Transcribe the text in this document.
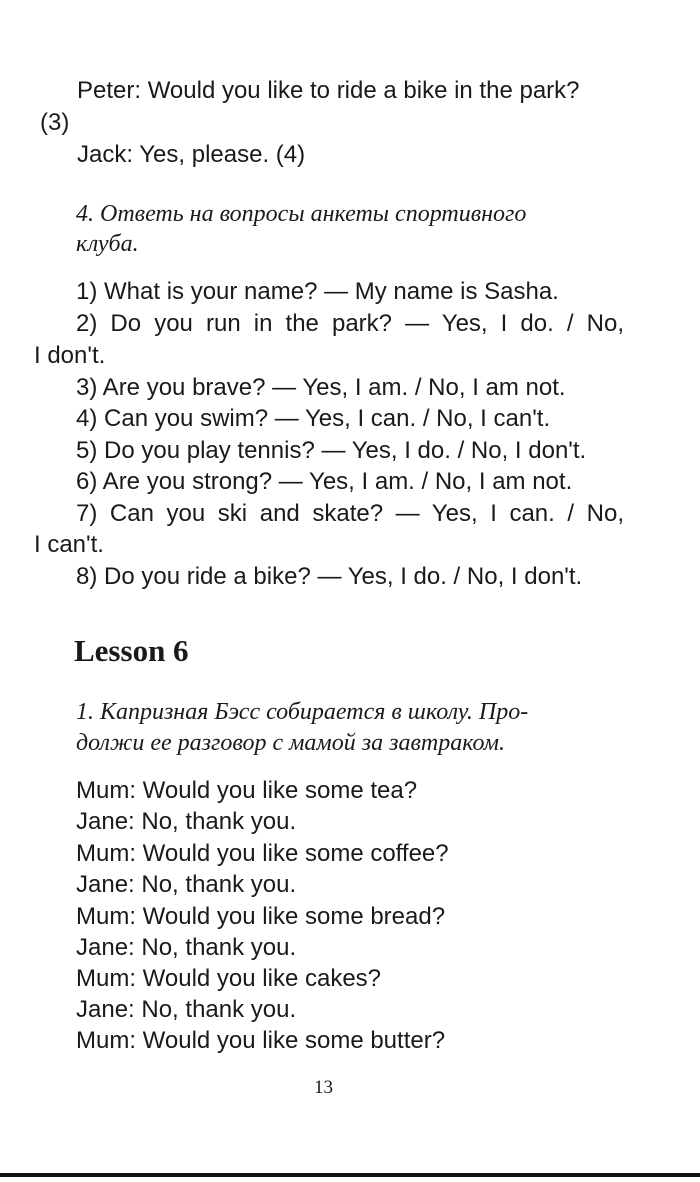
Peter: Would you like to ride a bike in the park?
(3)
Jack: Yes, please. (4)
4. Ответь на вопросы анкеты спортивного
клуба.
1) What is your name? — My name is Sasha.
2) Do you run in the park? — Yes, I do. / No,
I don't.
3) Are you brave? — Yes, I am. / No, I am not.
4) Can you swim? — Yes, I can. / No, I can't.
5) Do you play tennis? — Yes, I do. / No, I don't.
6) Are you strong? — Yes, I am. / No, I am not.
7) Can you ski and skate? — Yes, I can. / No,
I can't.
8) Do you ride a bike? — Yes, I do. / No, I don't.
Lesson 6
1. Капризная Бэсс собирается в школу. Про-
должи ее разговор с мамой за завтраком.
Mum: Would you like some tea?
Jane: No, thank you.
Mum: Would you like some coffee?
Jane: No, thank you.
Mum: Would you like some bread?
Jane: No, thank you.
Mum: Would you like cakes?
Jane: No, thank you.
Mum: Would you like some butter?
13
